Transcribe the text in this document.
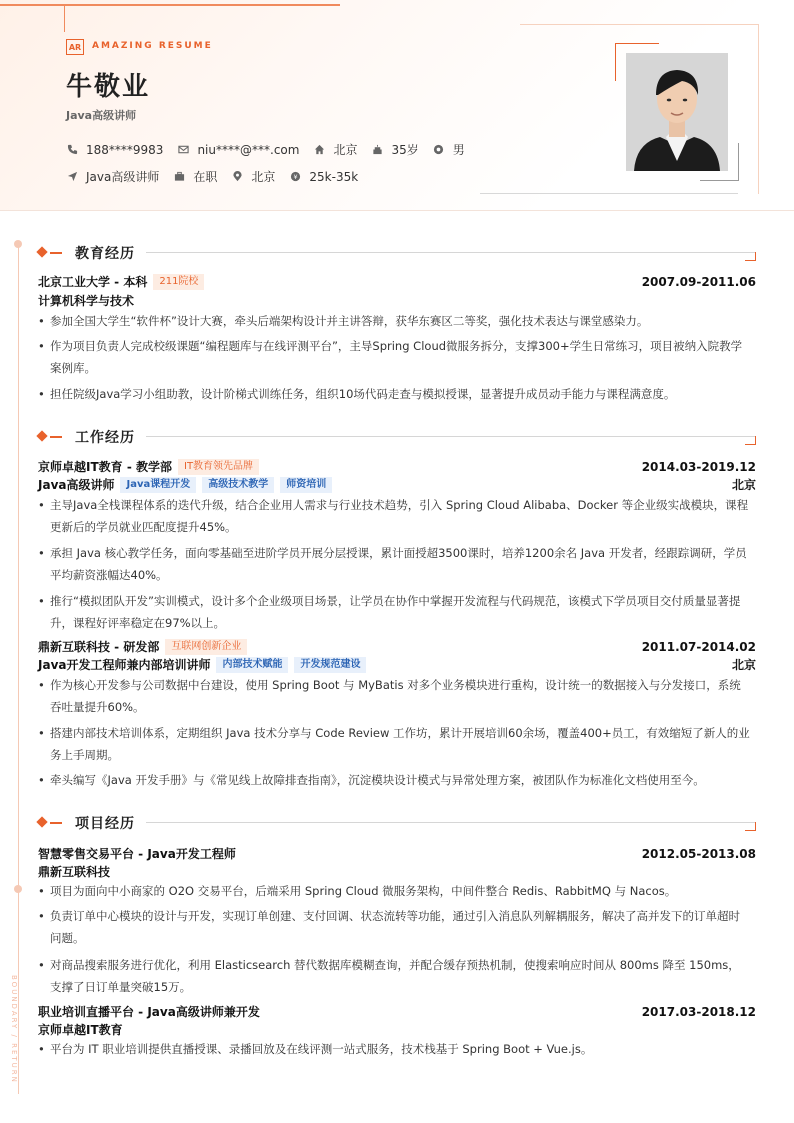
AR	AMAZING RESUME
牛敬业
Java高级讲师
188****9983	niu****@***.com	北京	35岁	男
Java高级讲师	在职	北京	¥ 25k-35k
BOUNDARY / RETURN
教育经历
北京工业大学 - 本科	211院校	2007.09-2011.06
计算机科学与技术
• 参加全国大学生“软件杯”设计大赛，牵头后端架构设计并主讲答辩，获华东赛区二等奖，强化技术表达与课堂感染力。
• 作为项目负责人完成校级课题“编程题库与在线评测平台”，主导Spring Cloud微服务拆分，支撑300+学生日常练习，项目被纳入院教学案例库。
• 担任院级Java学习小组助教，设计阶梯式训练任务，组织10场代码走查与模拟授课，显著提升成员动手能力与课程满意度。
工作经历
京师卓越IT教育 - 教学部	IT教育领先品牌	2014.03-2019.12
Java高级讲师	Java课程开发	高级技术教学	师资培训	北京
• 主导Java全栈课程体系的迭代升级，结合企业用人需求与行业技术趋势，引入 Spring Cloud Alibaba、Docker 等企业级实战模块，课程更新后的学员就业匹配度提升45%。
• 承担 Java 核心教学任务，面向零基础至进阶学员开展分层授课，累计面授超3500课时，培养1200余名 Java 开发者，经跟踪调研，学员平均薪资涨幅达40%。
• 推行“模拟团队开发”实训模式，设计多个企业级项目场景，让学员在协作中掌握开发流程与代码规范，该模式下学员项目交付质量显著提升，课程好评率稳定在97%以上。
鼎新互联科技 - 研发部	互联网创新企业	2011.07-2014.02
Java开发工程师兼内部培训讲师	内部技术赋能	开发规范建设	北京
• 作为核心开发参与公司数据中台建设，使用 Spring Boot 与 MyBatis 对多个业务模块进行重构，设计统一的数据接入与分发接口，系统吞吐量提升60%。
• 搭建内部技术培训体系，定期组织 Java 技术分享与 Code Review 工作坊，累计开展培训60余场，覆盖400+员工，有效缩短了新人的业务上手周期。
• 牵头编写《Java 开发手册》与《常见线上故障排查指南》，沉淀模块设计模式与异常处理方案，被团队作为标准化文档使用至今。
项目经历
智慧零售交易平台 - Java开发工程师	2012.05-2013.08
鼎新互联科技
• 项目为面向中小商家的 O2O 交易平台，后端采用 Spring Cloud 微服务架构，中间件整合 Redis、RabbitMQ 与 Nacos。
• 负责订单中心模块的设计与开发，实现订单创建、支付回调、状态流转等功能，通过引入消息队列解耦服务，解决了高并发下的订单超时问题。
• 对商品搜索服务进行优化，利用 Elasticsearch 替代数据库模糊查询，并配合缓存预热机制，使搜索响应时间从 800ms 降至 150ms，支撑了日订单量突破15万。
职业培训直播平台 - Java高级讲师兼开发	2017.03-2018.12
京师卓越IT教育
• 平台为 IT 职业培训提供直播授课、录播回放及在线评测一站式服务，技术栈基于 Spring Boot + Vue.js。
